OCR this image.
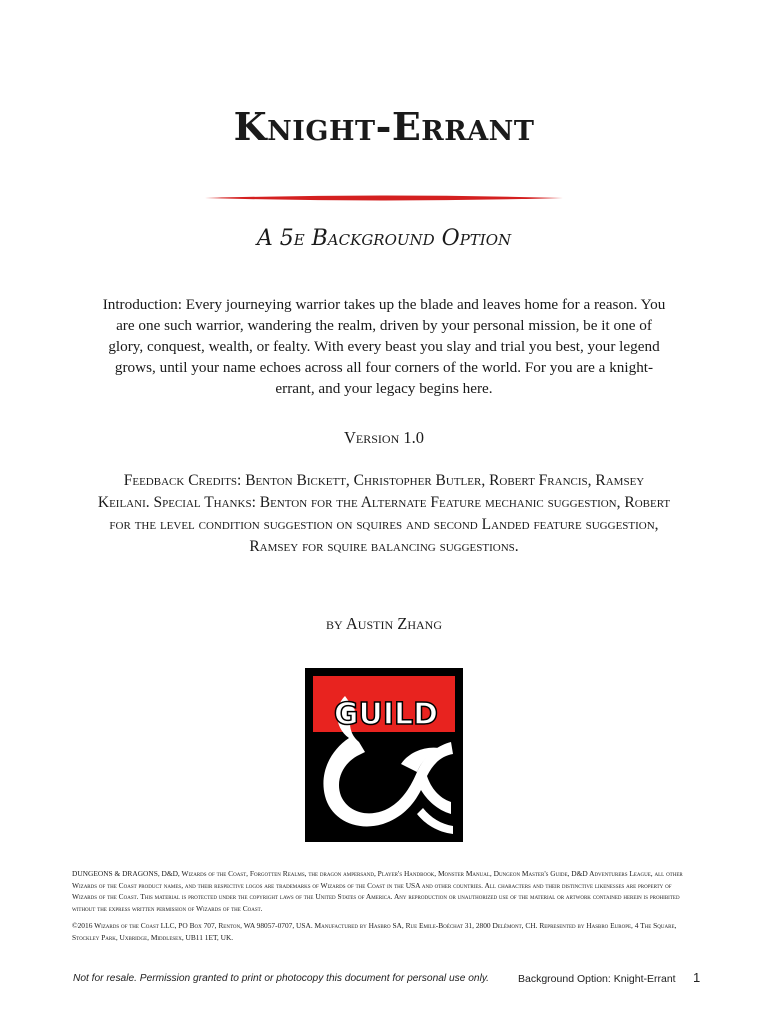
Knight-Errant
A 5e Background Option
Introduction: Every journeying warrior takes up the blade and leaves home for a reason. You are one such warrior, wandering the realm, driven by your personal mission, be it one of glory, conquest, wealth, or fealty. With every beast you slay and trial you best, your legend grows, until your name echoes across all four corners of the world. For you are a knight-errant, and your legacy begins here.
Version 1.0
Feedback Credits: Benton Bickett, Christopher Butler, Robert Francis, Ramsey Keilani. Special Thanks: Benton for the Alternate Feature mechanic suggestion, Robert for the level condition suggestion on squires and second Landed feature suggestion, Ramsey for squire balancing suggestions.
by Austin Zhang
GUILD
DUNGEONS & DRAGONS, D&D, Wizards of the Coast, Forgotten Realms, the dragon ampersand, Player's Handbook, Monster Manual, Dungeon Master's Guide, D&D Adventurers League, all other Wizards of the Coast product names, and their respective logos are trademarks of Wizards of the Coast in the USA and other countries. All characters and their distinctive likenesses are property of Wizards of the Coast. This material is protected under the copyright laws of the United States of America. Any reproduction or unauthorized use of the material or artwork contained herein is prohibited without the express written permission of Wizards of the Coast.
©2016 Wizards of the Coast LLC, PO Box 707, Renton, WA 98057-0707, USA. Manufactured by Hasbro SA, Rue Emile-Boéchat 31, 2800 Delémont, CH. Represented by Hasbro Europe, 4 The Square, Stockley Park, Uxbridge, Middlesex, UB11 1ET, UK.
Not for resale. Permission granted to print or photocopy this document for personal use only.	Background Option: Knight-Errant 1
